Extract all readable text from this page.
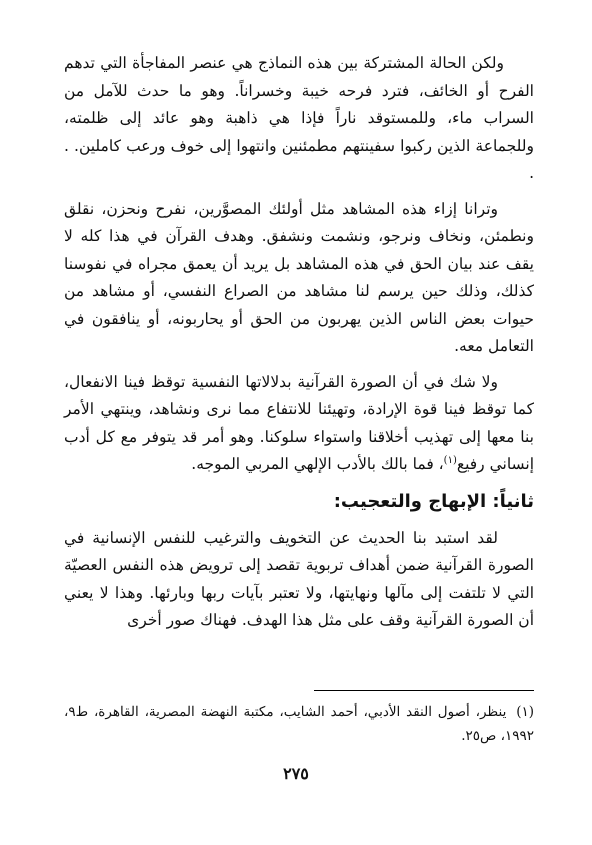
ولكن الحالة المشتركة بين هذه النماذج هي عنصر المفاجأة التي تدهم الفرح أو الخائف، فترد فرحه خيبة وخسراناً. وهو ما حدث للآمل من السراب ماء، وللمستوقد ناراً فإذا هي ذاهبة وهو عائد إلى ظلمته، وللجماعة الذين ركبوا سفينتهم مطمئنين وانتهوا إلى خوف ورعب كاملين. . .

وترانا إزاء هذه المشاهد مثل أولئك المصوَّرين، نفرح ونحزن، نقلق ونطمئن، ونخاف ونرجو، ونشمت ونشفق. وهدف القرآن في هذا كله لا يقف عند بيان الحق في هذه المشاهد بل يريد أن يعمق مجراه في نفوسنا كذلك، وذلك حين يرسم لنا مشاهد من الصراع النفسي، أو مشاهد من حيوات بعض الناس الذين يهربون من الحق أو يحاربونه، أو ينافقون في التعامل معه.

ولا شك في أن الصورة القرآنية بدلالاتها النفسية توقظ فينا الانفعال، كما توقظ فينا قوة الإرادة، وتهيئنا للانتفاع مما نرى ونشاهد، وينتهي الأمر بنا معها إلى تهذيب أخلاقنا واستواء سلوكنا. وهو أمر قد يتوفر مع كل أدب إنساني رفيع$^{(١)}$، فما بالك بالأدب الإلهي المربي الموجه.

ثانياً: الإبهاج والتعجيب:

لقد استبد بنا الحديث عن التخويف والترغيب للنفس الإنسانية في الصورة القرآنية ضمن أهداف تربوية تقصد إلى ترويض هذه النفس العصيّة التي لا تلتفت إلى مآلها ونهايتها، ولا تعتبر بآيات ربها وبارئها. وهذا لا يعني أن الصورة القرآنية وقف على مثل هذا الهدف. فهناك صور أخرى

(١) ينظر، أصول النقد الأدبي، أحمد الشايب، مكتبة النهضة المصرية، القاهرة، ط٩، ١٩٩٢، ص٢٥.
٢٧٥
